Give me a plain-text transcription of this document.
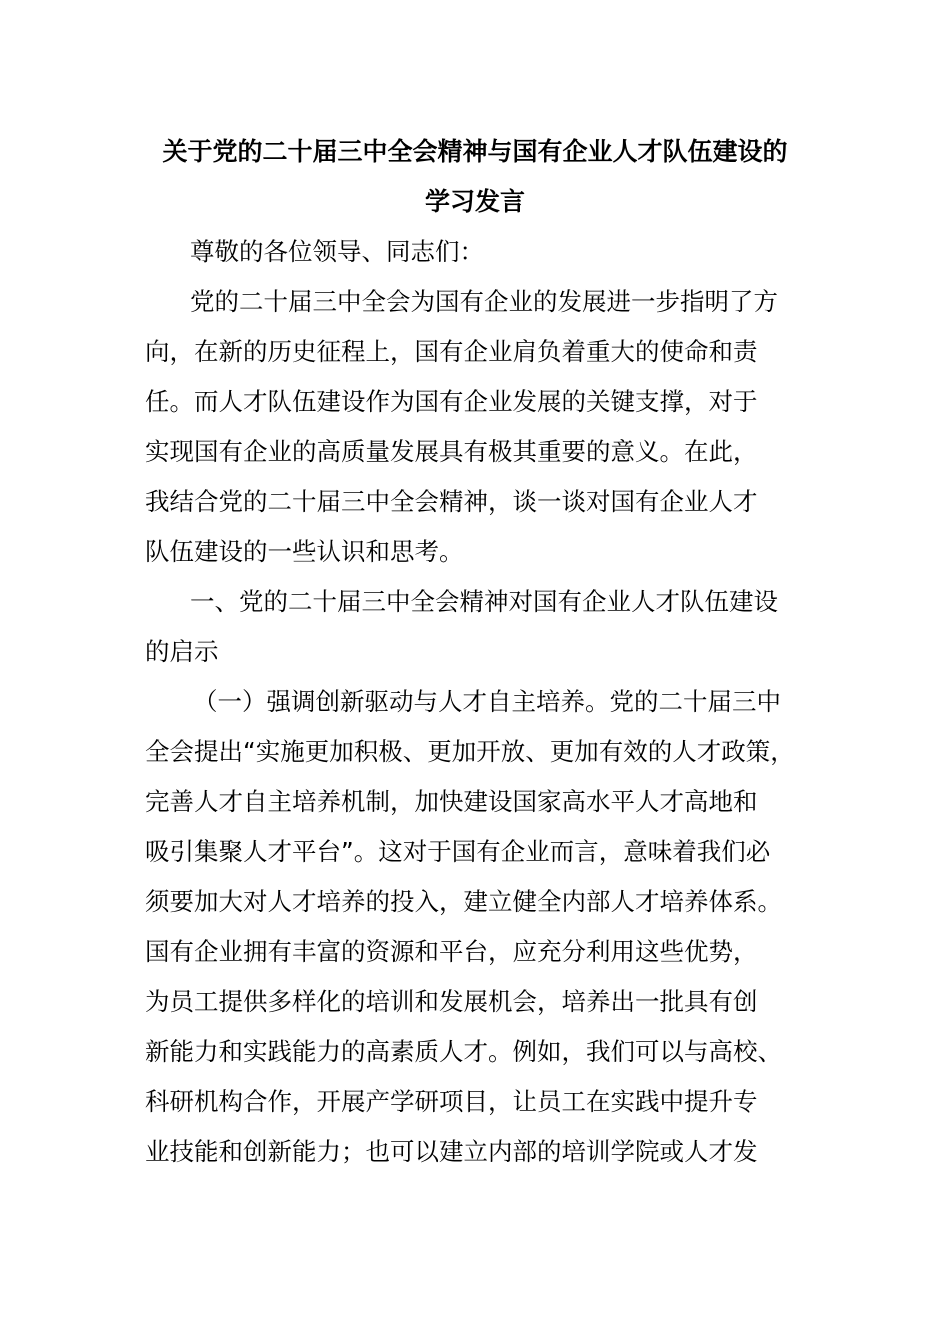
关于党的二十届三中全会精神与国有企业人才队伍建设的
学习发言
尊敬的各位领导、同志们：
党的二十届三中全会为国有企业的发展进一步指明了方
向，在新的历史征程上，国有企业肩负着重大的使命和责
任。而人才队伍建设作为国有企业发展的关键支撑，对于
实现国有企业的高质量发展具有极其重要的意义。在此，
我结合党的二十届三中全会精神，谈一谈对国有企业人才
队伍建设的一些认识和思考。
一、党的二十届三中全会精神对国有企业人才队伍建设
的启示
（一）强调创新驱动与人才自主培养。党的二十届三中
全会提出“实施更加积极、更加开放、更加有效的人才政策，
完善人才自主培养机制，加快建设国家高水平人才高地和
吸引集聚人才平台”。这对于国有企业而言，意味着我们必
须要加大对人才培养的投入，建立健全内部人才培养体系。
国有企业拥有丰富的资源和平台，应充分利用这些优势，
为员工提供多样化的培训和发展机会，培养出一批具有创
新能力和实践能力的高素质人才。例如，我们可以与高校、
科研机构合作，开展产学研项目，让员工在实践中提升专
业技能和创新能力；也可以建立内部的培训学院或人才发
